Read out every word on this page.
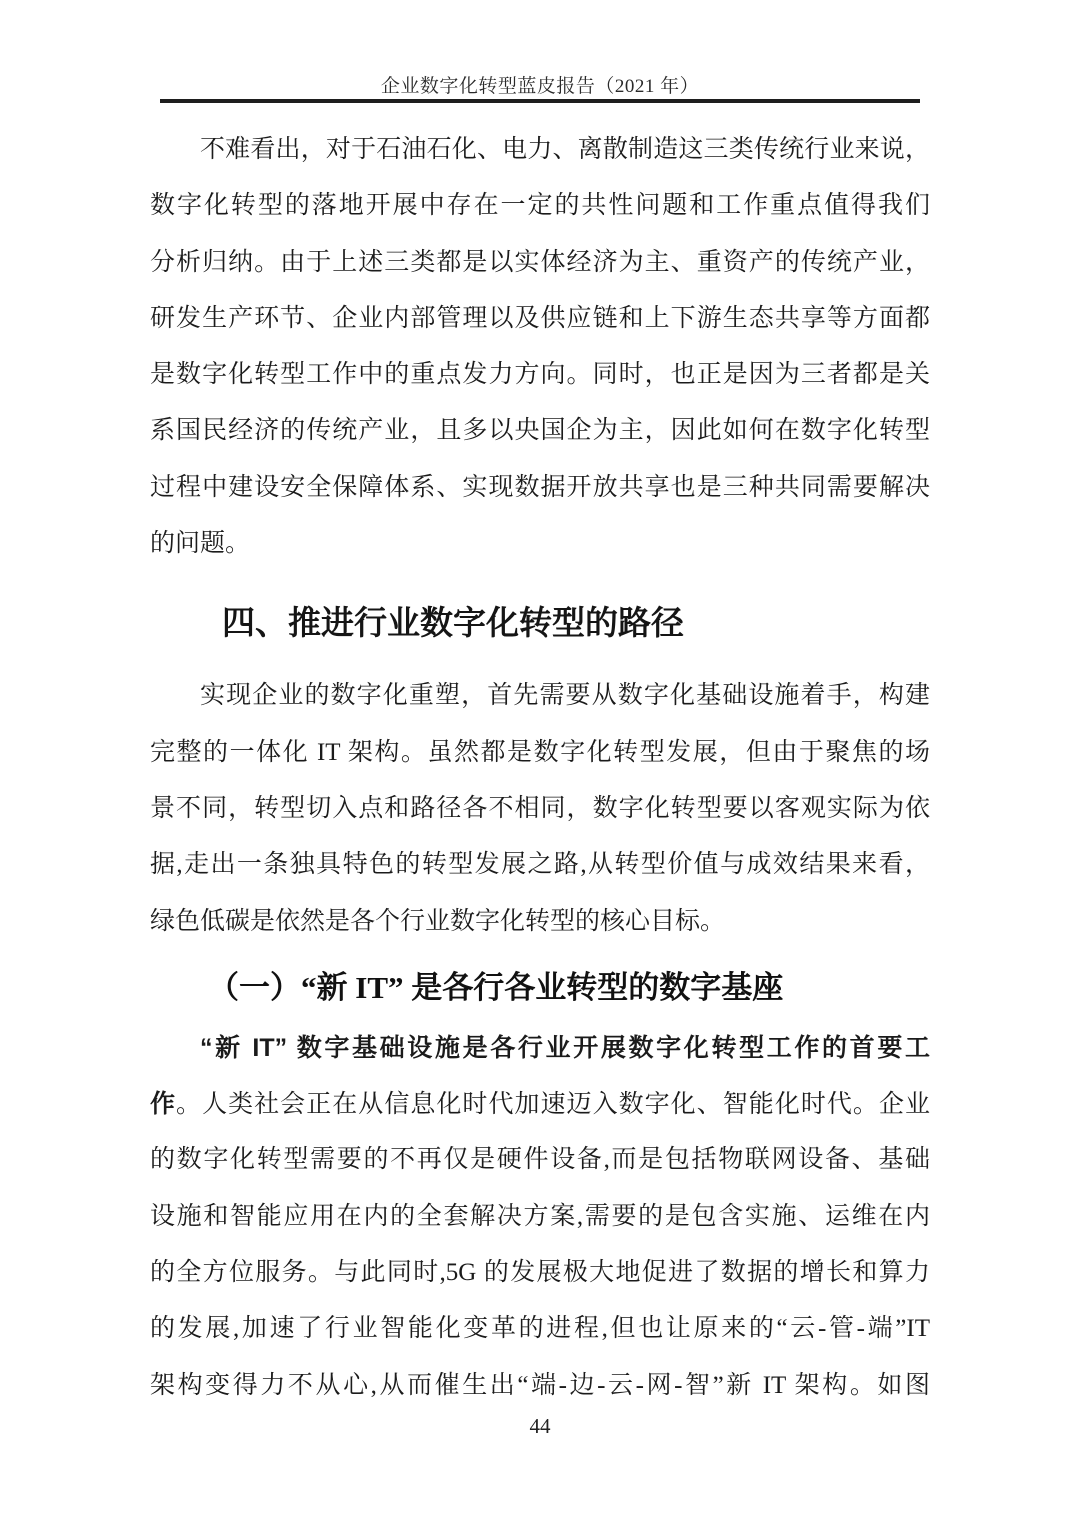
企业数字化转型蓝皮报告（2021 年）
不难看出，对于石油石化、电力、离散制造这三类传统行业来说，
数字化转型的落地开展中存在一定的共性问题和工作重点值得我们
分析归纳。由于上述三类都是以实体经济为主、重资产的传统产业，
研发生产环节、企业内部管理以及供应链和上下游生态共享等方面都
是数字化转型工作中的重点发力方向。同时，也正是因为三者都是关
系国民经济的传统产业，且多以央国企为主，因此如何在数字化转型
过程中建设安全保障体系、实现数据开放共享也是三种共同需要解决
的问题。
四、推进行业数字化转型的路径
实现企业的数字化重塑，首先需要从数字化基础设施着手，构建
完整的一体化 IT 架构。虽然都是数字化转型发展，但由于聚焦的场
景不同，转型切入点和路径各不相同，数字化转型要以客观实际为依
据,走出一条独具特色的转型发展之路,从转型价值与成效结果来看，
绿色低碳是依然是各个行业数字化转型的核心目标。
（一）“新 IT” 是各行各业转型的数字基座
“新 IT” 数字基础设施是各行业开展数字化转型工作的首要工
作。人类社会正在从信息化时代加速迈入数字化、智能化时代。企业
的数字化转型需要的不再仅是硬件设备,而是包括物联网设备、基础
设施和智能应用在内的全套解决方案,需要的是包含实施、运维在内
的全方位服务。与此同时,5G 的发展极大地促进了数据的增长和算力
的发展,加速了行业智能化变革的进程,但也让原来的“云-管-端”IT
架构变得力不从心,从而催生出“端-边-云-网-智”新 IT 架构。如图
44
